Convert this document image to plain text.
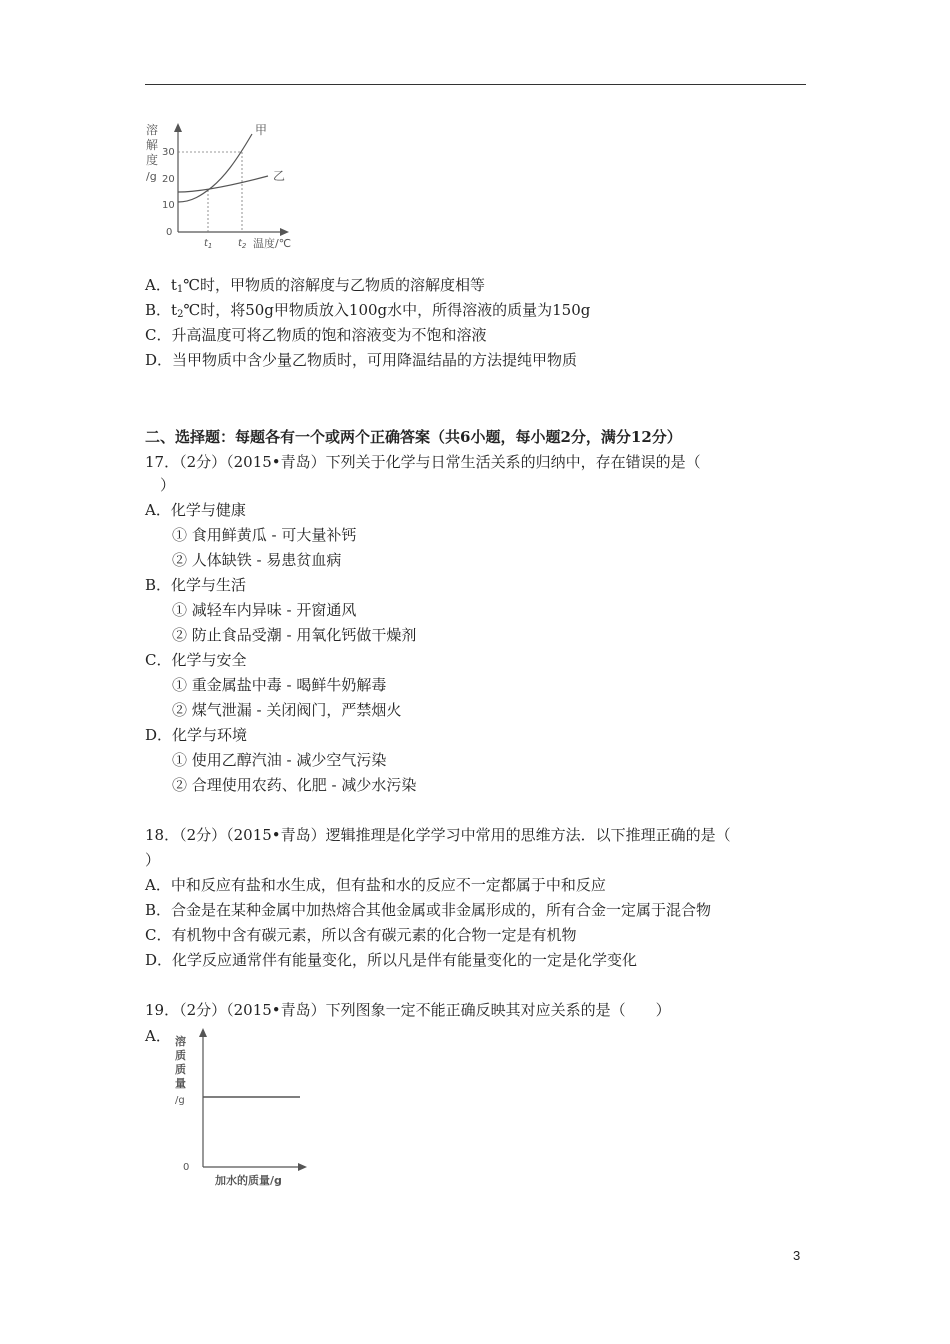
溶
解
度
/g
30
20
10
0
甲
乙
$t_1$	$t_2$ 温度/℃
A．$t_1℃$时，甲物质的溶解度与乙物质的溶解度相等
B．$t_2℃$时，将50g甲物质放入100g水中，所得溶液的质量为150g
C．升高温度可将乙物质的饱和溶液变为不饱和溶液
D．当甲物质中含少量乙物质时，可用降温结晶的方法提纯甲物质
二、选择题：每题各有一个或两个正确答案（共6小题，每小题2分，满分12分）
17．（2分）（2015•青岛）下列关于化学与日常生活关系的归纳中，存在错误的是（
）
A．化学与健康
① 食用鲜黄瓜 - 可大量补钙
② 人体缺铁 - 易患贫血病
B．化学与生活
① 减轻车内异味 - 开窗通风
② 防止食品受潮 - 用氧化钙做干燥剂
C．化学与安全
① 重金属盐中毒 - 喝鲜牛奶解毒
② 煤气泄漏 - 关闭阀门，严禁烟火
D．化学与环境
① 使用乙醇汽油 - 减少空气污染
② 合理使用农药、化肥 - 减少水污染
18．（2分）（2015•青岛）逻辑推理是化学学习中常用的思维方法．以下推理正确的是（
）
A．中和反应有盐和水生成，但有盐和水的反应不一定都属于中和反应
B．合金是在某种金属中加热熔合其他金属或非金属形成的，所有合金一定属于混合物
C．有机物中含有碳元素，所以含有碳元素的化合物一定是有机物
D．化学反应通常伴有能量变化，所以凡是伴有能量变化的一定是化学变化
19．（2分）（2015•青岛）下列图象一定不能正确反映其对应关系的是（　　）
A． 溶
质
质
量
/g
0
加水的质量/g
3
